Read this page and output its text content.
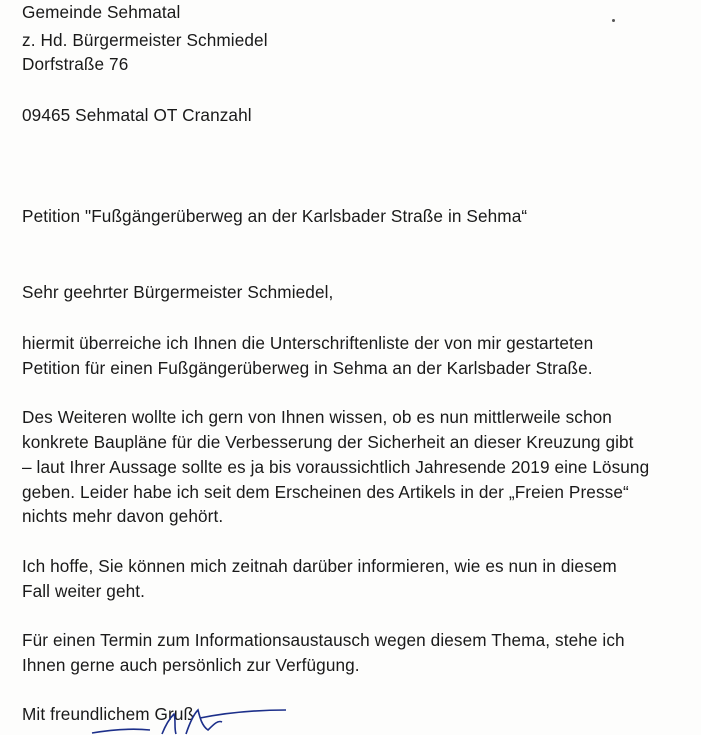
Gemeinde Sehmatal
z. Hd. Bürgermeister Schmiedel
Dorfstraße 76
09465 Sehmatal OT Cranzahl
Petition "Fußgängerüberweg an der Karlsbader Straße in Sehma“
Sehr geehrter Bürgermeister Schmiedel,
hiermit überreiche ich Ihnen die Unterschriftenliste der von mir gestarteten
Petition für einen Fußgängerüberweg in Sehma an der Karlsbader Straße.
Des Weiteren wollte ich gern von Ihnen wissen, ob es nun mittlerweile schon
konkrete Baupläne für die Verbesserung der Sicherheit an dieser Kreuzung gibt
– laut Ihrer Aussage sollte es ja bis voraussichtlich Jahresende 2019 eine Lösung
geben. Leider habe ich seit dem Erscheinen des Artikels in der „Freien Presse“
nichts mehr davon gehört.
Ich hoffe, Sie können mich zeitnah darüber informieren, wie es nun in diesem
Fall weiter geht.
Für einen Termin zum Informationsaustausch wegen diesem Thema, stehe ich
Ihnen gerne auch persönlich zur Verfügung.
Mit freundlichem Gruß
